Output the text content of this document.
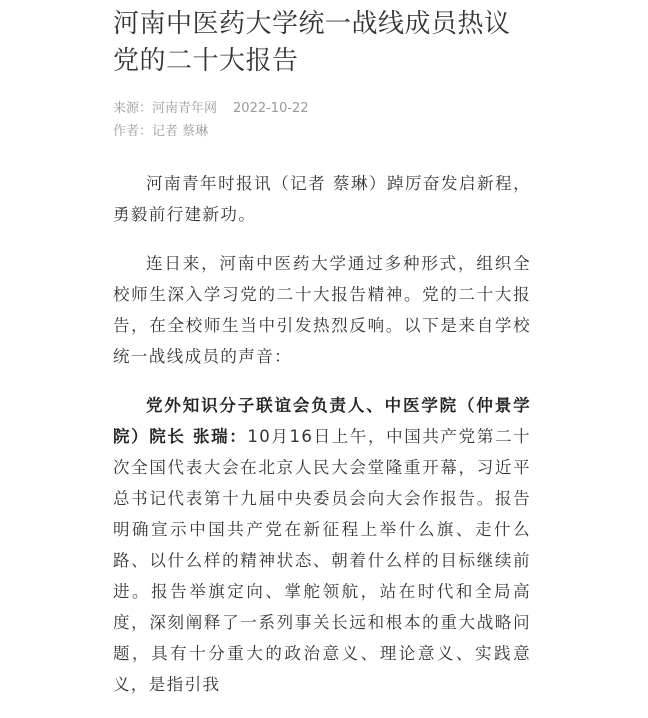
河南中医药大学统一战线成员热议党的二十大报告
来源：河南青年网 2022-10-22
作者：记者 蔡琳

河南青年时报讯（记者 蔡琳）踔厉奋发启新程，勇毅前行建新功。

连日来，河南中医药大学通过多种形式，组织全校师生深入学习党的二十大报告精神。党的二十大报告，在全校师生当中引发热烈反响。以下是来自学校统一战线成员的声音：

党外知识分子联谊会负责人、中医学院（仲景学院）院长 张瑞：10月16日上午，中国共产党第二十次全国代表大会在北京人民大会堂隆重开幕，习近平总书记代表第十九届中央委员会向大会作报告。报告明确宣示中国共产党在新征程上举什么旗、走什么路、以什么样的精神状态、朝着什么样的目标继续前进。报告举旗定向、掌舵领航，站在时代和全局高度，深刻阐释了一系列事关长远和根本的重大战略问题，具有十分重大的政治意义、理论意义、实践意义，是指引我
